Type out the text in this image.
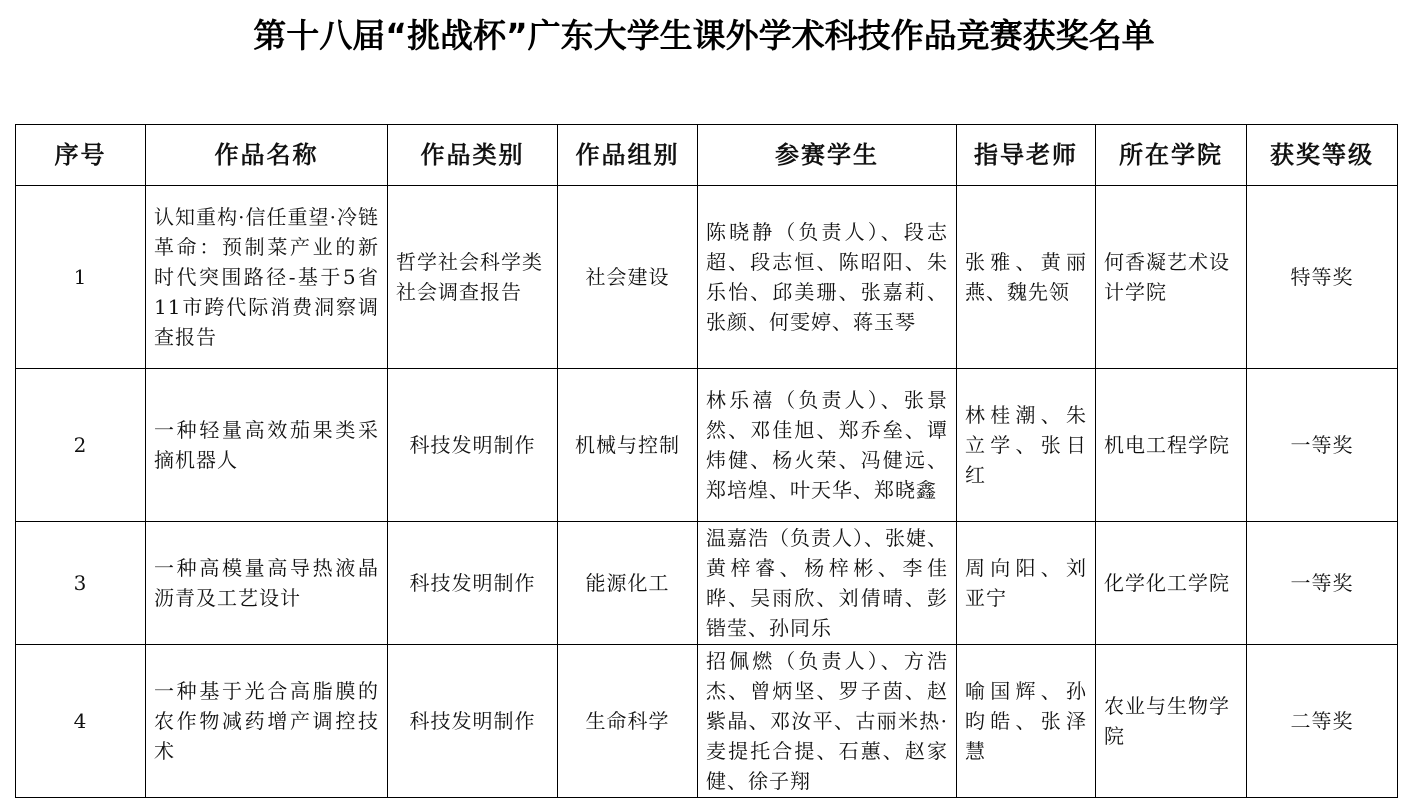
第十八届“挑战杯”广东大学生课外学术科技作品竞赛获奖名单
序号	作品名称	作品类别	作品组别	参赛学生	指导老师	所在学院	获奖等级
1	认知重构·信任重望·冷链革命：预制菜产业的新时代突围路径-基于5省11市跨代际消费洞察调查报告	哲学社会科学类社会调查报告	社会建设	陈晓静（负责人）、段志超、段志恒、陈昭阳、朱乐怡、邱美珊、张嘉莉、张颜、何雯婷、蒋玉琴	张雅、黄丽燕、魏先领	何香凝艺术设计学院	特等奖
2	一种轻量高效茄果类采摘机器人	科技发明制作	机械与控制	林乐禧（负责人）、张景然、邓佳旭、郑乔垒、谭炜健、杨火荣、冯健远、郑培煌、叶天华、郑晓鑫	林桂潮、朱立学、张日红	机电工程学院	一等奖
3	一种高模量高导热液晶沥青及工艺设计	科技发明制作	能源化工	温嘉浩（负责人）、张婕、黄梓睿、杨梓彬、李佳晔、吴雨欣、刘倩晴、彭锴莹、孙同乐	周向阳、刘亚宁	化学化工学院	一等奖
4	一种基于光合高脂膜的农作物减药增产调控技术	科技发明制作	生命科学	招佩燃（负责人）、方浩杰、曾炳坚、罗子茵、赵紫晶、邓汝平、古丽米热·麦提托合提、石蕙、赵家健、徐子翔	喻国辉、孙昀皓、张泽慧	农业与生物学院	二等奖
